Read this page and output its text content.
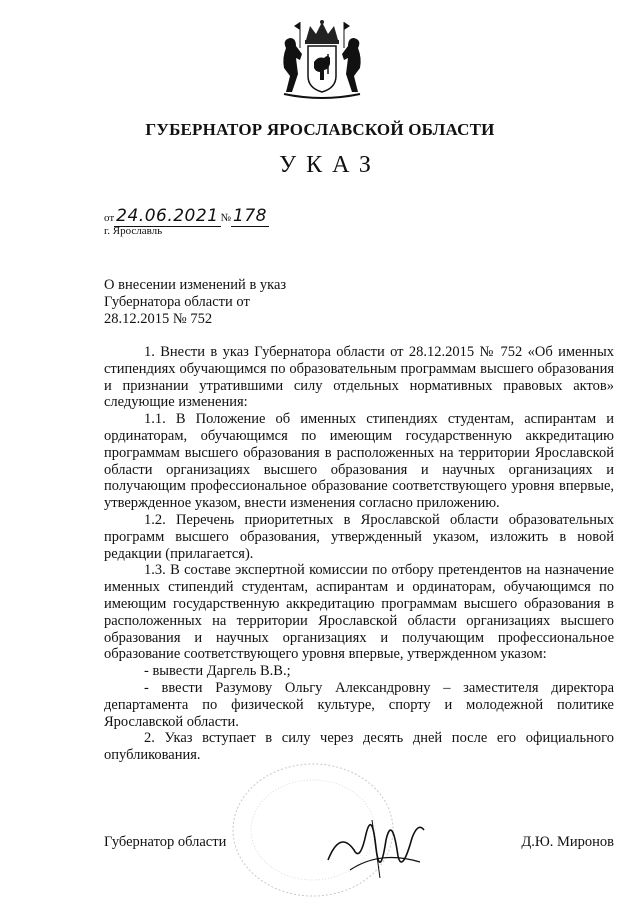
ГУБЕРНАТОР ЯРОСЛАВСКОЙ ОБЛАСТИ
УКАЗ
от 24.06.2021 № 178
г. Ярославль
О внесении изменений в указ
Губернатора области от
28.12.2015 № 752

1. Внести в указ Губернатора области от 28.12.2015 № 752 «Об именных стипендиях обучающимся по образовательным программам высшего образования и признании утратившими силу отдельных нормативных правовых актов» следующие изменения:

1.1. В Положение об именных стипендиях студентам, аспирантам и ординаторам, обучающимся по имеющим государственную аккредитацию программам высшего образования в расположенных на территории Ярославской области организациях высшего образования и научных организациях и получающим профессиональное образование соответствующего уровня впервые, утвержденное указом, внести изменения согласно приложению.

1.2. Перечень приоритетных в Ярославской области образовательных программ высшего образования, утвержденный указом, изложить в новой редакции (прилагается).

1.3. В составе экспертной комиссии по отбору претендентов на назначение именных стипендий студентам, аспирантам и ординаторам, обучающимся по имеющим государственную аккредитацию программам высшего образования в расположенных на территории Ярославской области организациях высшего образования и научных организациях и получающим профессиональное образование соответствующего уровня впервые, утвержденном указом:

- вывести Даргель В.В.;

- ввести Разумову Ольгу Александровну – заместителя директора департамента по физической культуре, спорту и молодежной политике Ярославской области.

2. Указ вступает в силу через десять дней после его официального опубликования.

Губернатор области	Д.Ю. Миронов
